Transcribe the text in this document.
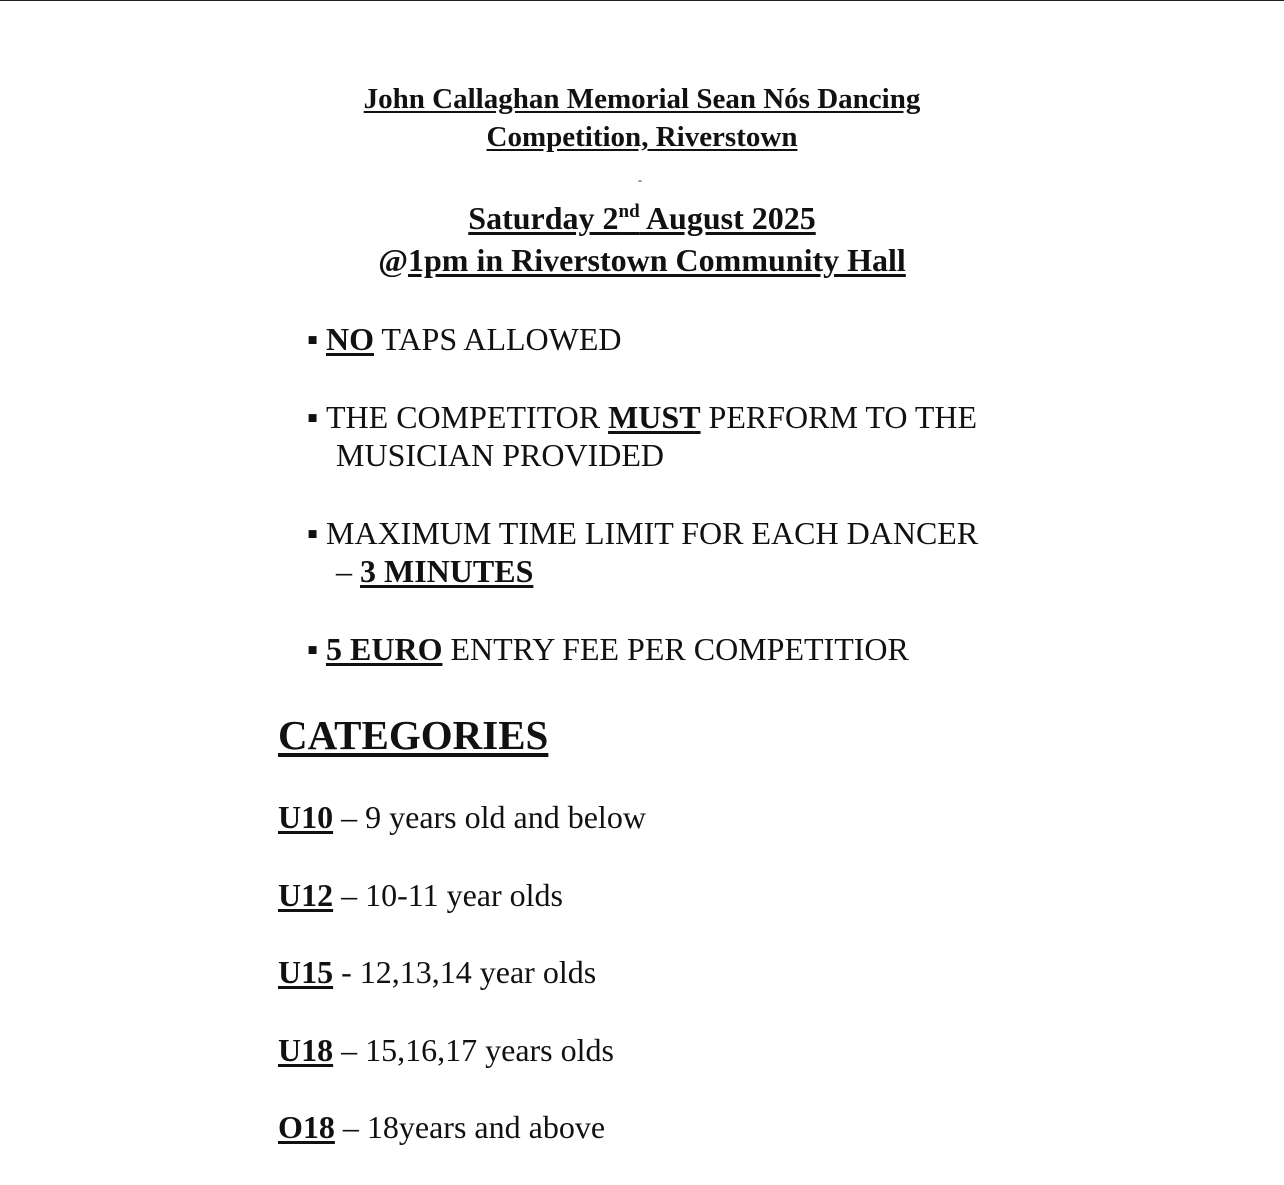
John Callaghan Memorial Sean Nós Dancing
Competition, Riverstown
-
Saturday 2nd August 2025
@1pm in Riverstown Community Hall
▪ NO TAPS ALLOWED
▪ THE COMPETITOR MUST PERFORM TO THE
MUSICIAN PROVIDED
▪ MAXIMUM TIME LIMIT FOR EACH DANCER
– 3 MINUTES
▪ 5 EURO ENTRY FEE PER COMPETITIOR
CATEGORIES
U10 – 9 years old and below
U12 – 10-11 year olds
U15 - 12,13,14 year olds
U18 – 15,16,17 years olds
O18 – 18years and above
